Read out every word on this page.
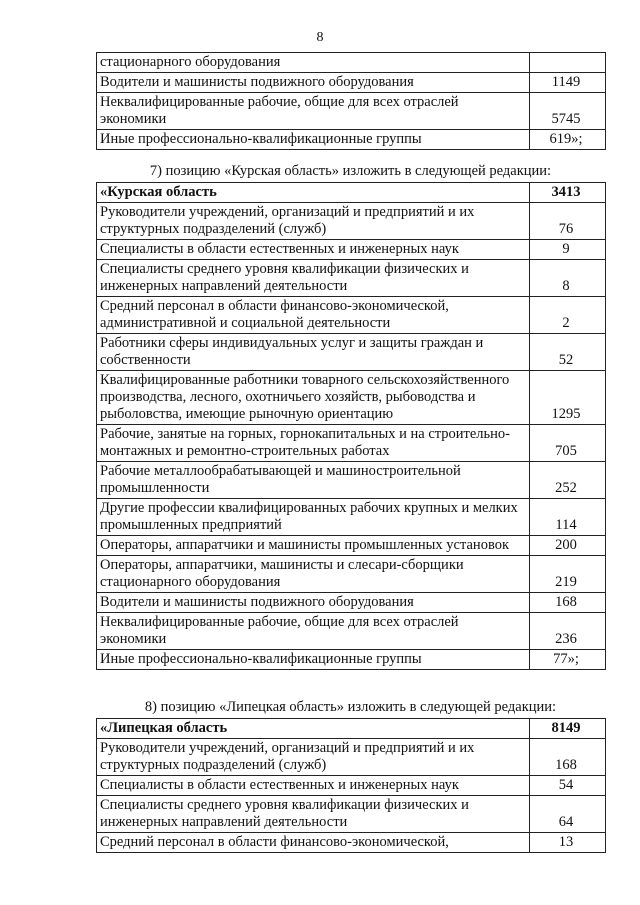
8
стационарного оборудования	
Водители и машинисты подвижного оборудования	1149
Неквалифицированные рабочие, общие для всех отраслей экономики	5745
Иные профессионально-квалификационные группы	619»;
7) позицию «Курская область» изложить в следующей редакции:
«Курская область	3413
Руководители учреждений, организаций и предприятий и их структурных подразделений (служб)	76
Специалисты в области естественных и инженерных наук	9
Специалисты среднего уровня квалификации физических и инженерных направлений деятельности	8
Средний персонал в области финансово-экономической, административной и социальной деятельности	2
Работники сферы индивидуальных услуг и защиты граждан и собственности	52
Квалифицированные работники товарного сельскохозяйственного производства, лесного, охотничьего хозяйств, рыбоводства и рыболовства, имеющие рыночную ориентацию	1295
Рабочие, занятые на горных, горнокапитальных и на строительно-монтажных и ремонтно-строительных работах	705
Рабочие металлообрабатывающей и машиностроительной промышленности	252
Другие профессии квалифицированных рабочих крупных и мелких промышленных предприятий	114
Операторы, аппаратчики и машинисты промышленных установок	200
Операторы, аппаратчики, машинисты и слесари-сборщики стационарного оборудования	219
Водители и машинисты подвижного оборудования	168
Неквалифицированные рабочие, общие для всех отраслей экономики	236
Иные профессионально-квалификационные группы	77»;
8) позицию «Липецкая область» изложить в следующей редакции:
«Липецкая область	8149
Руководители учреждений, организаций и предприятий и их структурных подразделений (служб)	168
Специалисты в области естественных и инженерных наук	54
Специалисты среднего уровня квалификации физических и инженерных направлений деятельности	64
Средний персонал в области финансово-экономической,	13
